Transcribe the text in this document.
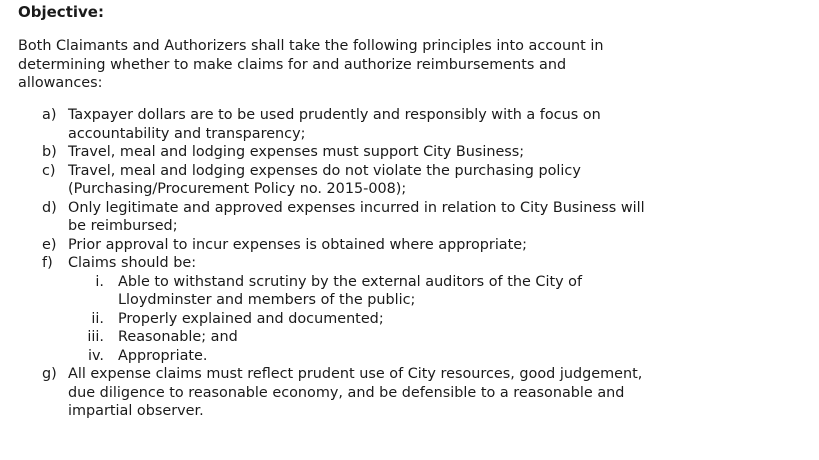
Objective:
Both Claimants and Authorizers shall take the following principles into account in determining whether to make claims for and authorize reimbursements and allowances:
a) Taxpayer dollars are to be used prudently and responsibly with a focus on accountability and transparency;
b) Travel, meal and lodging expenses must support City Business;
c) Travel, meal and lodging expenses do not violate the purchasing policy (Purchasing/Procurement Policy no. 2015-008);
d) Only legitimate and approved expenses incurred in relation to City Business will be reimbursed;
e) Prior approval to incur expenses is obtained where appropriate;
f)	Claims should be:
i. Able to withstand scrutiny by the external auditors of the City of Lloydminster and members of the public;
ii. Properly explained and documented;
iii. Reasonable; and
iv. Appropriate.
g) All expense claims must reflect prudent use of City resources, good judgement, due diligence to reasonable economy, and be defensible to a reasonable and impartial observer.
